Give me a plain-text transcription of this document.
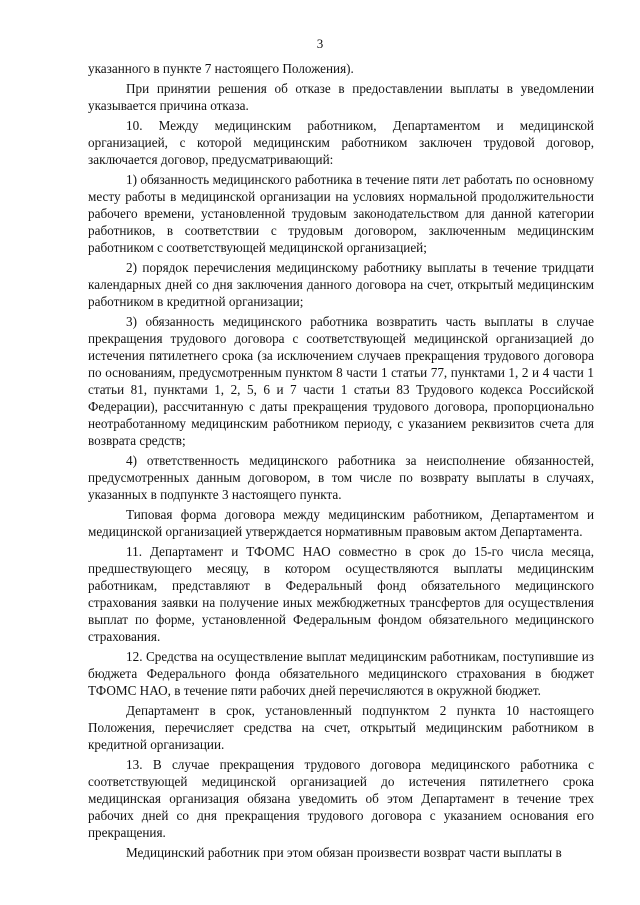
3

указанного в пункте 7 настоящего Положения).

При принятии решения об отказе в предоставлении выплаты в уведомлении указывается причина отказа.

10. Между медицинским работником, Департаментом и медицинской организацией, с которой медицинским работником заключен трудовой договор, заключается договор, предусматривающий:

1) обязанность медицинского работника в течение пяти лет работать по основному месту работы в медицинской организации на условиях нормальной продолжительности рабочего времени, установленной трудовым законодательством для данной категории работников, в соответствии с трудовым договором, заключенным медицинским работником с соответствующей медицинской организацией;

2) порядок перечисления медицинскому работнику выплаты в течение тридцати календарных дней со дня заключения данного договора на счет, открытый медицинским работником в кредитной организации;

3) обязанность медицинского работника возвратить часть выплаты в случае прекращения трудового договора с соответствующей медицинской организацией до истечения пятилетнего срока (за исключением случаев прекращения трудового договора по основаниям, предусмотренным пунктом 8 части 1 статьи 77, пунктами 1, 2 и 4 части 1 статьи 81, пунктами 1, 2, 5, 6 и 7 части 1 статьи 83 Трудового кодекса Российской Федерации), рассчитанную с даты прекращения трудового договора, пропорционально неотработанному медицинским работником периоду, с указанием реквизитов счета для возврата средств;

4) ответственность медицинского работника за неисполнение обязанностей, предусмотренных данным договором, в том числе по возврату выплаты в случаях, указанных в подпункте 3 настоящего пункта.

Типовая форма договора между медицинским работником, Департаментом и медицинской организацией утверждается нормативным правовым актом Департамента.

11. Департамент и ТФОМС НАО совместно в срок до 15-го числа месяца, предшествующего месяцу, в котором осуществляются выплаты медицинским работникам, представляют в Федеральный фонд обязательного медицинского страхования заявки на получение иных межбюджетных трансфертов для осуществления выплат по форме, установленной Федеральным фондом обязательного медицинского страхования.

12. Средства на осуществление выплат медицинским работникам, поступившие из бюджета Федерального фонда обязательного медицинского страхования в бюджет ТФОМС НАО, в течение пяти рабочих дней перечисляются в окружной бюджет.

Департамент в срок, установленный подпунктом 2 пункта 10 настоящего Положения, перечисляет средства на счет, открытый медицинским работником в кредитной организации.

13. В случае прекращения трудового договора медицинского работника с соответствующей медицинской организацией до истечения пятилетнего срока медицинская организация обязана уведомить об этом Департамент в течение трех рабочих дней со дня прекращения трудового договора с указанием основания его прекращения.

Медицинский работник при этом обязан произвести возврат части выплаты в
